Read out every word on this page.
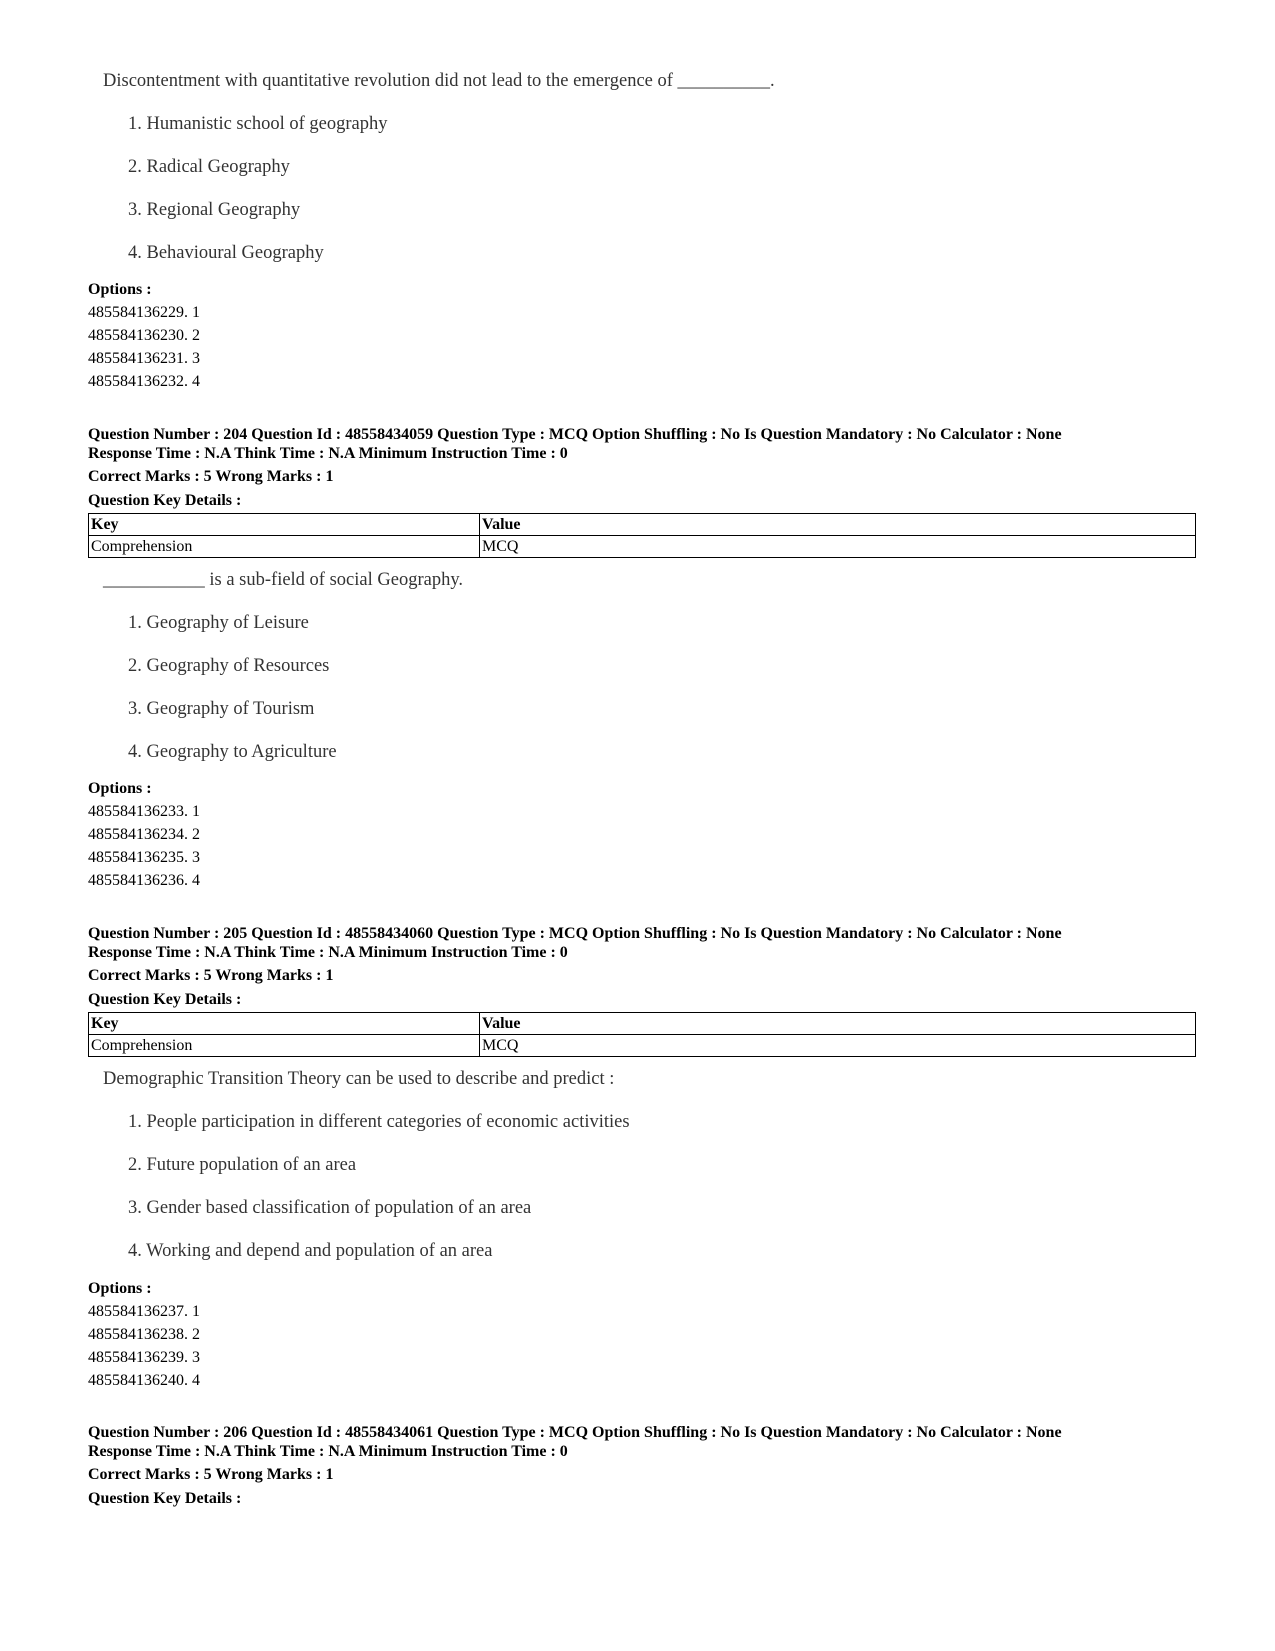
Discontentment with quantitative revolution did not lead to the emergence of __________.
1. Humanistic school of geography
2. Radical Geography
3. Regional Geography
4. Behavioural Geography
Options :
485584136229. 1
485584136230. 2
485584136231. 3
485584136232. 4
Question Number : 204 Question Id : 48558434059 Question Type : MCQ Option Shuffling : No Is Question Mandatory : No Calculator : None
Response Time : N.A Think Time : N.A Minimum Instruction Time : 0
Correct Marks : 5 Wrong Marks : 1
Question Key Details :
Key	Value
Comprehension	MCQ
___________ is a sub-field of social Geography.
1. Geography of Leisure
2. Geography of Resources
3. Geography of Tourism
4. Geography to Agriculture
Options :
485584136233. 1
485584136234. 2
485584136235. 3
485584136236. 4
Question Number : 205 Question Id : 48558434060 Question Type : MCQ Option Shuffling : No Is Question Mandatory : No Calculator : None
Response Time : N.A Think Time : N.A Minimum Instruction Time : 0
Correct Marks : 5 Wrong Marks : 1
Question Key Details :
Key	Value
Comprehension	MCQ
Demographic Transition Theory can be used to describe and predict :
1. People participation in different categories of economic activities
2. Future population of an area
3. Gender based classification of population of an area
4. Working and depend and population of an area
Options :
485584136237. 1
485584136238. 2
485584136239. 3
485584136240. 4
Question Number : 206 Question Id : 48558434061 Question Type : MCQ Option Shuffling : No Is Question Mandatory : No Calculator : None
Response Time : N.A Think Time : N.A Minimum Instruction Time : 0
Correct Marks : 5 Wrong Marks : 1
Question Key Details :
